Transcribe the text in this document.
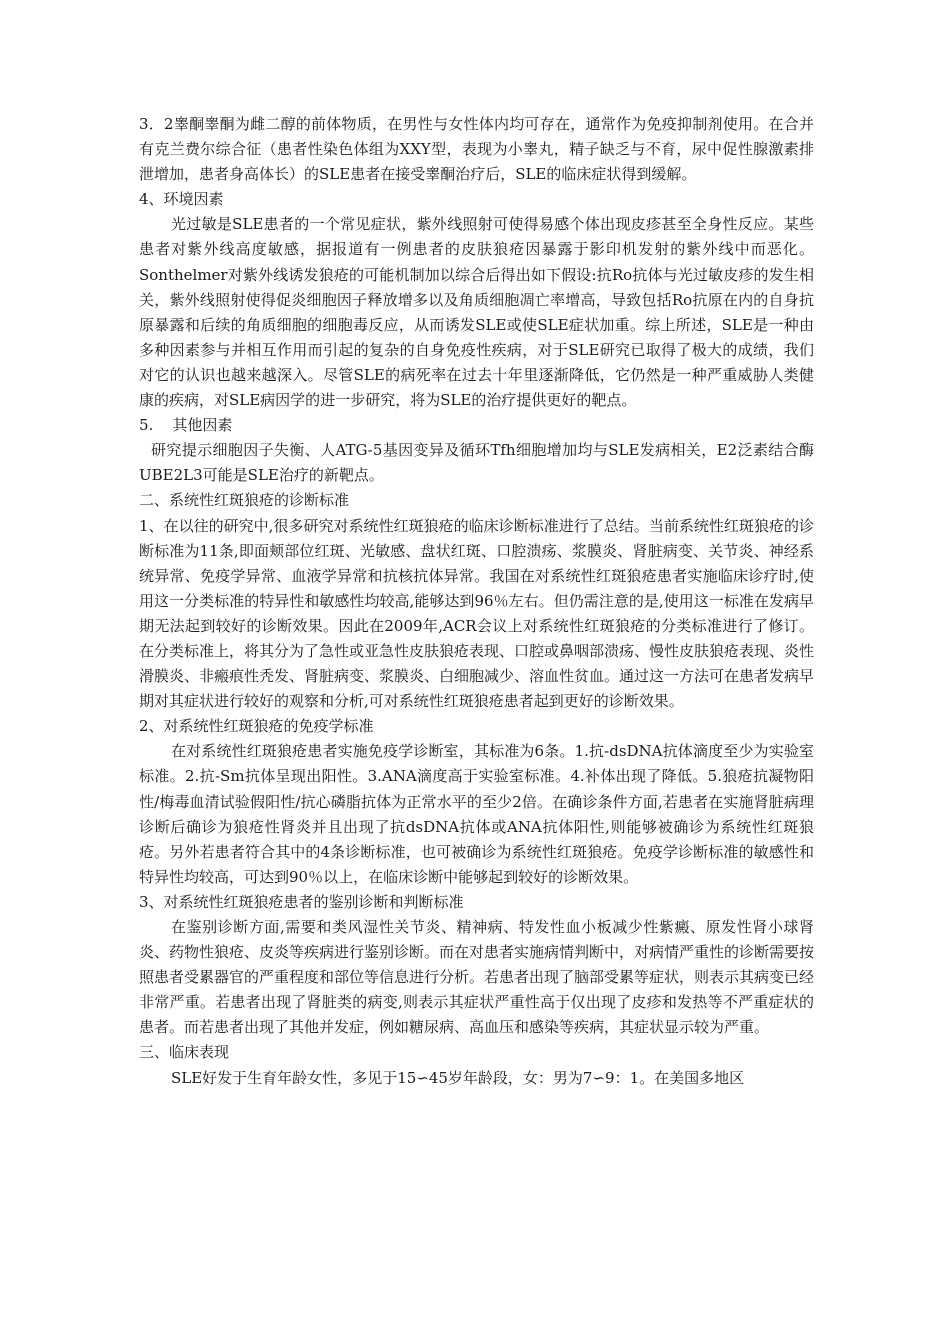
3．2睾酮睾酮为雌二醇的前体物质，在男性与女性体内均可存在，通常作为免疫抑制剂使用。在合并有克兰费尔综合征（患者性染色体组为XXY型，表现为小睾丸，精子缺乏与不育，尿中促性腺激素排泄增加，患者身高体长）的SLE患者在接受睾酮治疗后，SLE的临床症状得到缓解。

4、环境因素

光过敏是SLE患者的一个常见症状，紫外线照射可使得易感个体出现皮疹甚至全身性反应。某些患者对紫外线高度敏感，据报道有一例患者的皮肤狼疮因暴露于影印机发射的紫外线中而恶化。Sonthelmer对紫外线诱发狼疮的可能机制加以综合后得出如下假设:抗Ro抗体与光过敏皮疹的发生相关，紫外线照射使得促炎细胞因子释放增多以及角质细胞凋亡率增高，导致包括Ro抗原在内的自身抗原暴露和后续的角质细胞的细胞毒反应，从而诱发SLE或使SLE症状加重。综上所述，SLE是一种由多种因素参与并相互作用而引起的复杂的自身免疫性疾病，对于SLE研究已取得了极大的成绩，我们对它的认识也越来越深入。尽管SLE的病死率在过去十年里逐渐降低，它仍然是一种严重威胁人类健康的疾病，对SLE病因学的进一步研究，将为SLE的治疗提供更好的靶点。

5.    其他因素

研究提示细胞因子失衡、人ATG-5基因变异及循环Tfh细胞增加均与SLE发病相关，E2泛素结合酶UBE2L3可能是SLE治疗的新靶点。

二、系统性红斑狼疮的诊断标准

1、在以往的研究中,很多研究对系统性红斑狼疮的临床诊断标准进行了总结。当前系统性红斑狼疮的诊断标准为11条,即面颊部位红斑、光敏感、盘状红斑、口腔溃疡、浆膜炎、肾脏病变、关节炎、神经系统异常、免疫学异常、血液学异常和抗核抗体异常。我国在对系统性红斑狼疮患者实施临床诊疗时,使用这一分类标准的特异性和敏感性均较高,能够达到96％左右。但仍需注意的是,使用这一标准在发病早期无法起到较好的诊断效果。因此在2009年,ACR会议上对系统性红斑狼疮的分类标准进行了修订。在分类标准上，将其分为了急性或亚急性皮肤狼疮表现、口腔或鼻咽部溃疡、慢性皮肤狼疮表现、炎性滑膜炎、非瘢痕性秃发、肾脏病变、浆膜炎、白细胞减少、溶血性贫血。通过这一方法可在患者发病早期对其症状进行较好的观察和分析,可对系统性红斑狼疮患者起到更好的诊断效果。

2、对系统性红斑狼疮的免疫学标准

在对系统性红斑狼疮患者实施免疫学诊断室，其标准为6条。1.抗-dsDNA抗体滴度至少为实验室标准。2.抗-Sm抗体呈现出阳性。3.ANA滴度高于实验室标准。4.补体出现了降低。5.狼疮抗凝物阳性/梅毒血清试验假阳性/抗心磷脂抗体为正常水平的至少2倍。在确诊条件方面,若患者在实施肾脏病理诊断后确诊为狼疮性肾炎并且出现了抗dsDNA抗体或ANA抗体阳性,则能够被确诊为系统性红斑狼疮。另外若患者符合其中的4条诊断标准，也可被确诊为系统性红斑狼疮。免疫学诊断标准的敏感性和特异性均较高，可达到90％以上，在临床诊断中能够起到较好的诊断效果。

3、对系统性红斑狼疮患者的鉴别诊断和判断标准

在鉴别诊断方面,需要和类风湿性关节炎、精神病、特发性血小板减少性紫癜、原发性肾小球肾炎、药物性狼疮、皮炎等疾病进行鉴别诊断。而在对患者实施病情判断中，对病情严重性的诊断需要按照患者受累器官的严重程度和部位等信息进行分析。若患者出现了脑部受累等症状，则表示其病变已经非常严重。若患者出现了肾脏类的病变,则表示其症状严重性高于仅出现了皮疹和发热等不严重症状的患者。而若患者出现了其他并发症，例如糖尿病、高血压和感染等疾病，其症状显示较为严重。

三、临床表现

SLE好发于生育年龄女性，多见于15∽45岁年龄段，女：男为7∽9：1。在美国多地区
